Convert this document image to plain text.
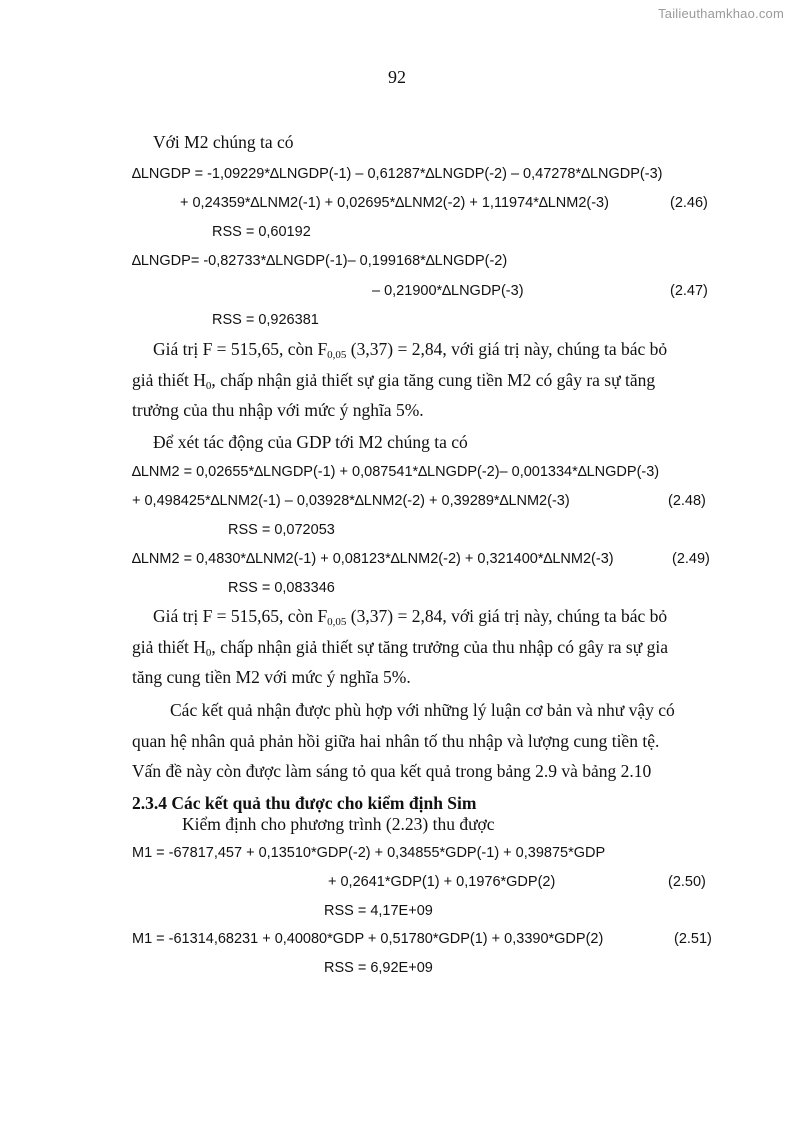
Tailieuthamkhao.com
92
Với M2 chúng ta có
∆LNGDP = -1,09229*∆LNGDP(-1) – 0,61287*∆LNGDP(-2) – 0,47278*∆LNGDP(-3)
+ 0,24359*∆LNM2(-1) + 0,02695*∆LNM2(-2) + 1,11974*∆LNM2(-3)	(2.46)
RSS = 0,60192
∆LNGDP= -0,82733*∆LNGDP(-1)– 0,199168*∆LNGDP(-2)
– 0,21900*∆LNGDP(-3)	(2.47)
RSS = 0,926381
Giá trị F = 515,65, còn $F_{0,05}$ (3,37) = 2,84, với giá trị này, chúng ta bác bỏ
giả thiết $H_0$, chấp nhận giả thiết sự gia tăng cung tiền M2 có gây ra sự tăng
trưởng của thu nhập với mức ý nghĩa 5%.
Để xét tác động của GDP tới M2 chúng ta có
∆LNM2 = 0,02655*∆LNGDP(-1) + 0,087541*∆LNGDP(-2)– 0,001334*∆LNGDP(-3)
+ 0,498425*∆LNM2(-1) – 0,03928*∆LNM2(-2) + 0,39289*∆LNM2(-3)	(2.48)
RSS = 0,072053
∆LNM2 = 0,4830*∆LNM2(-1) + 0,08123*∆LNM2(-2) + 0,321400*∆LNM2(-3)	(2.49)
RSS = 0,083346
Giá trị F = 515,65, còn $F_{0,05}$ (3,37) = 2,84, với giá trị này, chúng ta bác bỏ
giả thiết $H_0$, chấp nhận giả thiết sự tăng trưởng của thu nhập có gây ra sự gia
tăng cung tiền M2 với mức ý nghĩa 5%.
Các kết quả nhận được phù hợp với những lý luận cơ bản và như vậy có
quan hệ nhân quả phản hồi giữa hai nhân tố thu nhập và lượng cung tiền tệ.
Vấn đề này còn được làm sáng tỏ qua kết quả trong bảng 2.9 và bảng 2.10
2.3.4 Các kết quả thu được cho kiểm định Sim
Kiểm định cho phương trình (2.23) thu được
M1 = -67817,457 + 0,13510*GDP(-2) + 0,34855*GDP(-1) + 0,39875*GDP
+ 0,2641*GDP(1) + 0,1976*GDP(2)	(2.50)
RSS = 4,17E+09
M1 = -61314,68231 + 0,40080*GDP + 0,51780*GDP(1) + 0,3390*GDP(2)	(2.51)
RSS = 6,92E+09
